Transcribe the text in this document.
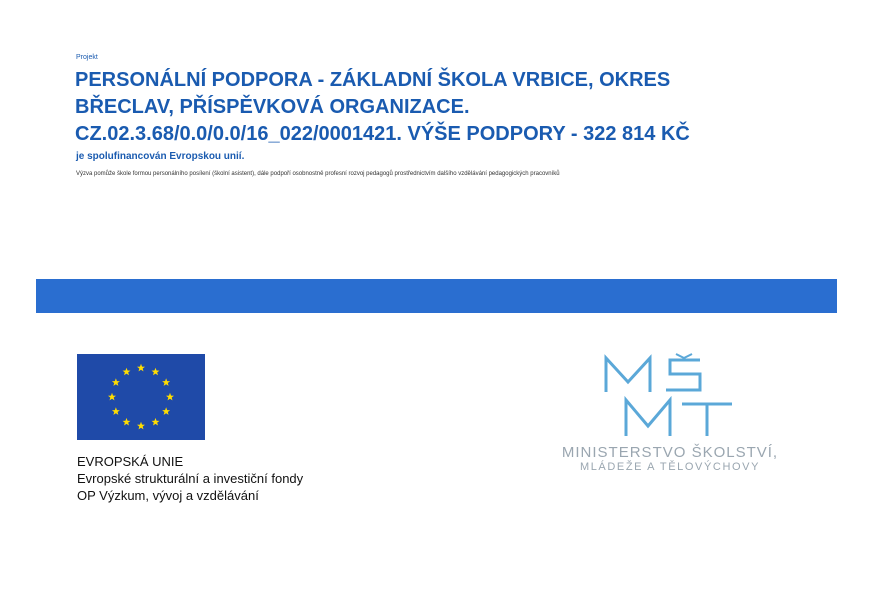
Projekt
PERSONÁLNÍ PODPORA - ZÁKLADNÍ ŠKOLA VRBICE, OKRES
BŘECLAV, PŘÍSPĚVKOVÁ ORGANIZACE.
CZ.02.3.68/0.0/0.0/16_022/0001421. VÝŠE PODPORY - 322 814 KČ
je spolufinancován Evropskou unií.
Výzva pomůže škole formou personálního posílení (školní asistent), dále podpoří osobnostně profesní rozvoj pedagogů prostřednictvím dalšího vzdělávání pedagogických pracovníků
EVROPSKÁ UNIE
Evropské strukturální a investiční fondy
OP Výzkum, vývoj a vzdělávání
MINISTERSTVO ŠKOLSTVÍ,
MLÁDEŽE A TĚLOVÝCHOVY
